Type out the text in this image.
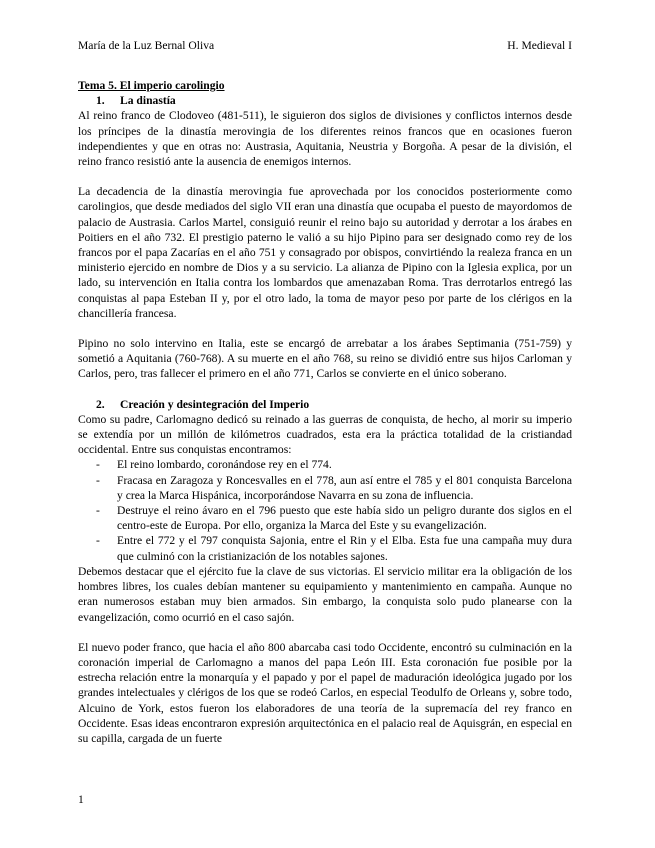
María de la Luz Bernal Oliva	H. Medieval I

Tema 5. El imperio carolingio

1.	La dinastía

Al reino franco de Clodoveo (481-511), le siguieron dos siglos de divisiones y conflictos internos desde los príncipes de la dinastía merovingia de los diferentes reinos francos que en ocasiones fueron independientes y que en otras no: Austrasia, Aquitania, Neustria y Borgoña. A pesar de la división, el reino franco resistió ante la ausencia de enemigos internos.

La decadencia de la dinastía merovingia fue aprovechada por los conocidos posteriormente como carolingios, que desde mediados del siglo VII eran una dinastía que ocupaba el puesto de mayordomos de palacio de Austrasia. Carlos Martel, consiguió reunir el reino bajo su autoridad y derrotar a los árabes en Poitiers en el año 732. El prestigio paterno le valió a su hijo Pipino para ser designado como rey de los francos por el papa Zacarías en el año 751 y consagrado por obispos, convirtiéndo la realeza franca en un ministerio ejercido en nombre de Dios y a su servicio. La alianza de Pipino con la Iglesia explica, por un lado, su intervención en Italia contra los lombardos que amenazaban Roma. Tras derrotarlos entregó las conquistas al papa Esteban II y, por el otro lado, la toma de mayor peso por parte de los clérigos en la chancillería francesa.

Pipino no solo intervino en Italia, este se encargó de arrebatar a los árabes Septimania (751-759) y sometió a Aquitania (760-768). A su muerte en el año 768, su reino se dividió entre sus hijos Carloman y Carlos, pero, tras fallecer el primero en el año 771, Carlos se convierte en el único soberano.

2.	Creación y desintegración del Imperio

Como su padre, Carlomagno dedicó su reinado a las guerras de conquista, de hecho, al morir su imperio se extendía por un millón de kilómetros cuadrados, esta era la práctica totalidad de la cristiandad occidental. Entre sus conquistas encontramos:

-	El reino lombardo, coronándose rey en el 774.
-	Fracasa en Zaragoza y Roncesvalles en el 778, aun así entre el 785 y el 801 conquista Barcelona y crea la Marca Hispánica, incorporándose Navarra en su zona de influencia.
-	Destruye el reino ávaro en el 796 puesto que este había sido un peligro durante dos siglos en el centro-este de Europa. Por ello, organiza la Marca del Este y su evangelización.
-	Entre el 772 y el 797 conquista Sajonia, entre el Rin y el Elba. Esta fue una campaña muy dura que culminó con la cristianización de los notables sajones.

Debemos destacar que el ejército fue la clave de sus victorias. El servicio militar era la obligación de los hombres libres, los cuales debían mantener su equipamiento y mantenimiento en campaña. Aunque no eran numerosos estaban muy bien armados. Sin embargo, la conquista solo pudo planearse con la evangelización, como ocurrió en el caso sajón.

El nuevo poder franco, que hacia el año 800 abarcaba casi todo Occidente, encontró su culminación en la coronación imperial de Carlomagno a manos del papa León III. Esta coronación fue posible por la estrecha relación entre la monarquía y el papado y por el papel de maduración ideológica jugado por los grandes intelectuales y clérigos de los que se rodeó Carlos, en especial Teodulfo de Orleans y, sobre todo, Alcuino de York, estos fueron los elaboradores de una teoría de la supremacía del rey franco en Occidente. Esas ideas encontraron expresión arquitectónica en el palacio real de Aquisgrán, en especial en su capilla, cargada de un fuerte

1
